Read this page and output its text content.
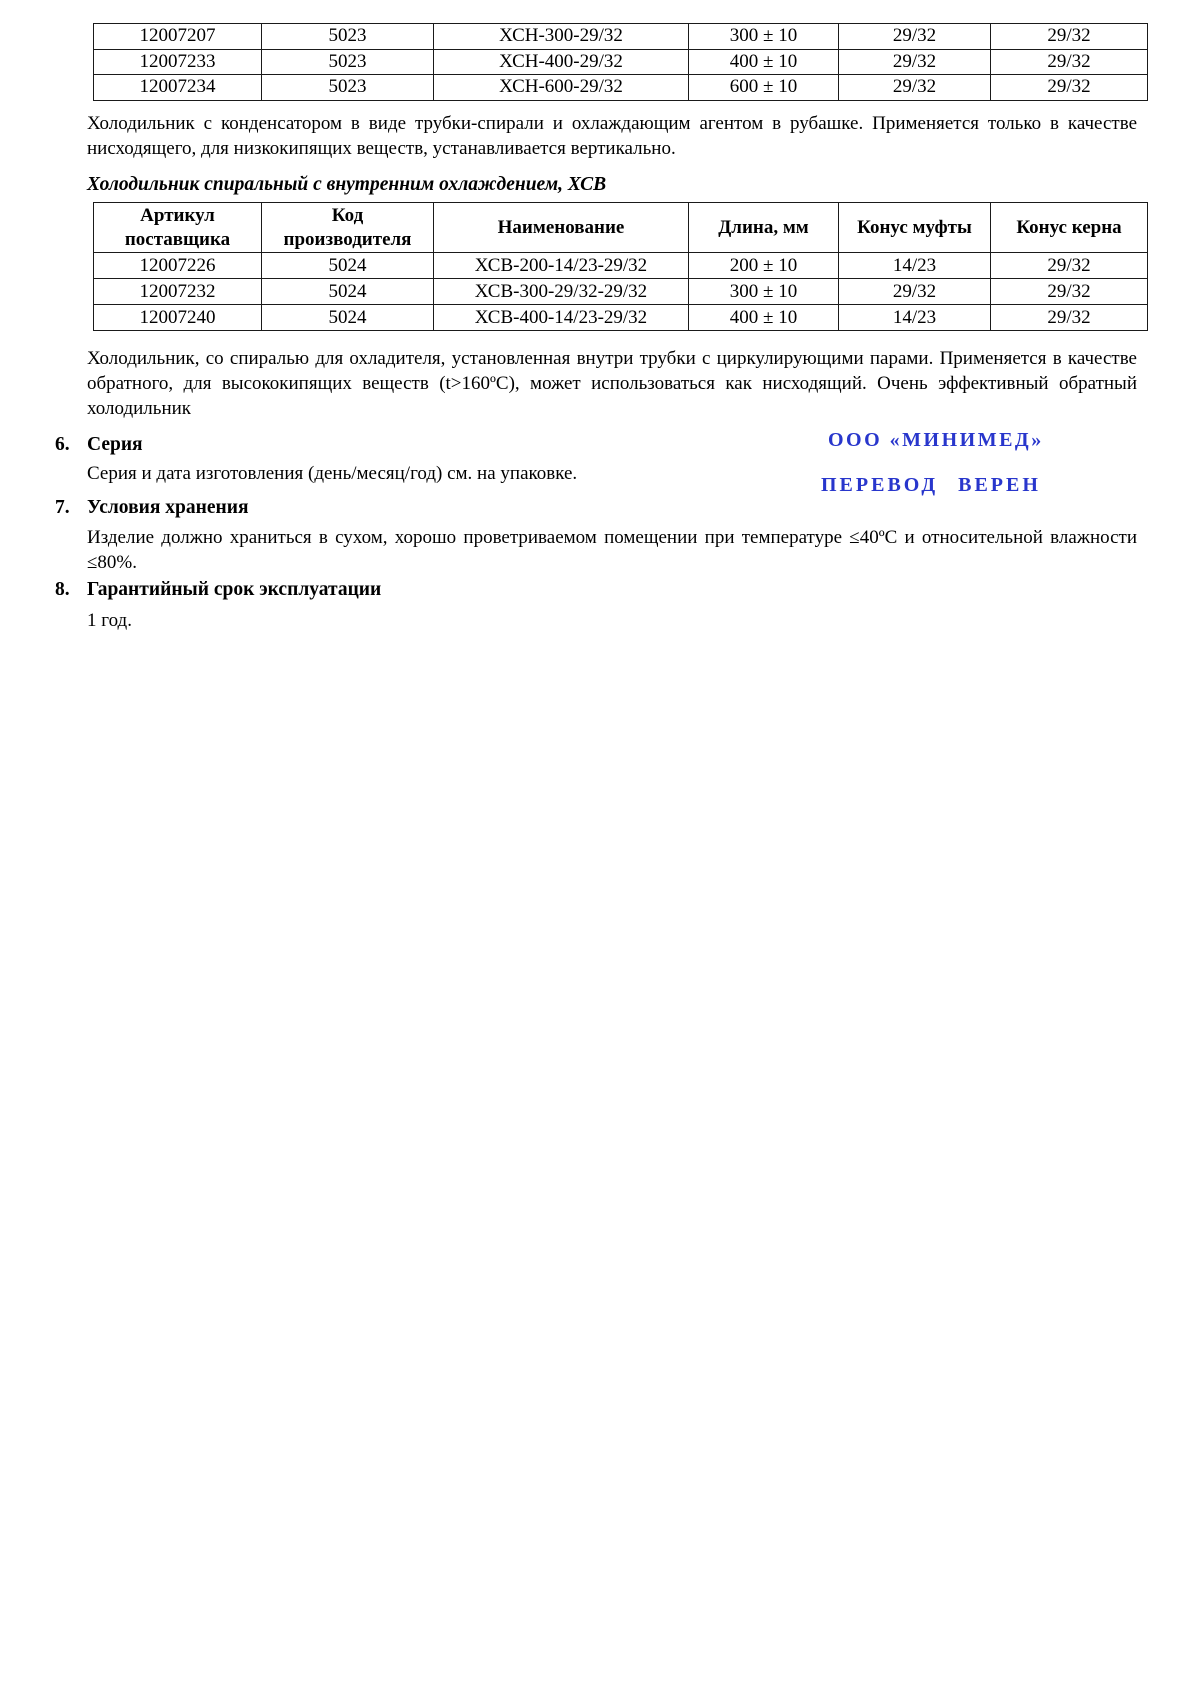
12007207	5023	ХСН-300-29/32	300 ± 10	29/32	29/32
12007233	5023	ХСН-400-29/32	400 ± 10	29/32	29/32
12007234	5023	ХСН-600-29/32	600 ± 10	29/32	29/32
Холодильник с конденсатором в виде трубки-спирали и охлаждающим агентом в рубашке. Применяется только в качестве нисходящего, для низкокипящих веществ, устанавливается вертикально.
Холодильник спиральный с внутренним охлаждением, ХСВ
Артикул поставщика	Код производителя	Наименование	Длина, мм	Конус муфты	Конус керна
12007226	5024	ХСВ-200-14/23-29/32	200 ± 10	14/23	29/32
12007232	5024	ХСВ-300-29/32-29/32	300 ± 10	29/32	29/32
12007240	5024	ХСВ-400-14/23-29/32	400 ± 10	14/23	29/32
Холодильник, со спиралью для охладителя, установленная внутри трубки с циркулирующими парами. Применяется в качестве обратного, для высококипящих веществ (t>160ºС), может использоваться как нисходящий. Очень эффективный обратный холодильник
6. Серия
Серия и дата изготовления (день/месяц/год) см. на упаковке.
ООО «МИНИМЕД»
ПЕРЕВОД ВЕРЕН
7. Условия хранения
Изделие должно храниться в сухом, хорошо проветриваемом помещении при температуре ≤40ºС и относительной влажности ≤80%.
8. Гарантийный срок эксплуатации
1 год.
